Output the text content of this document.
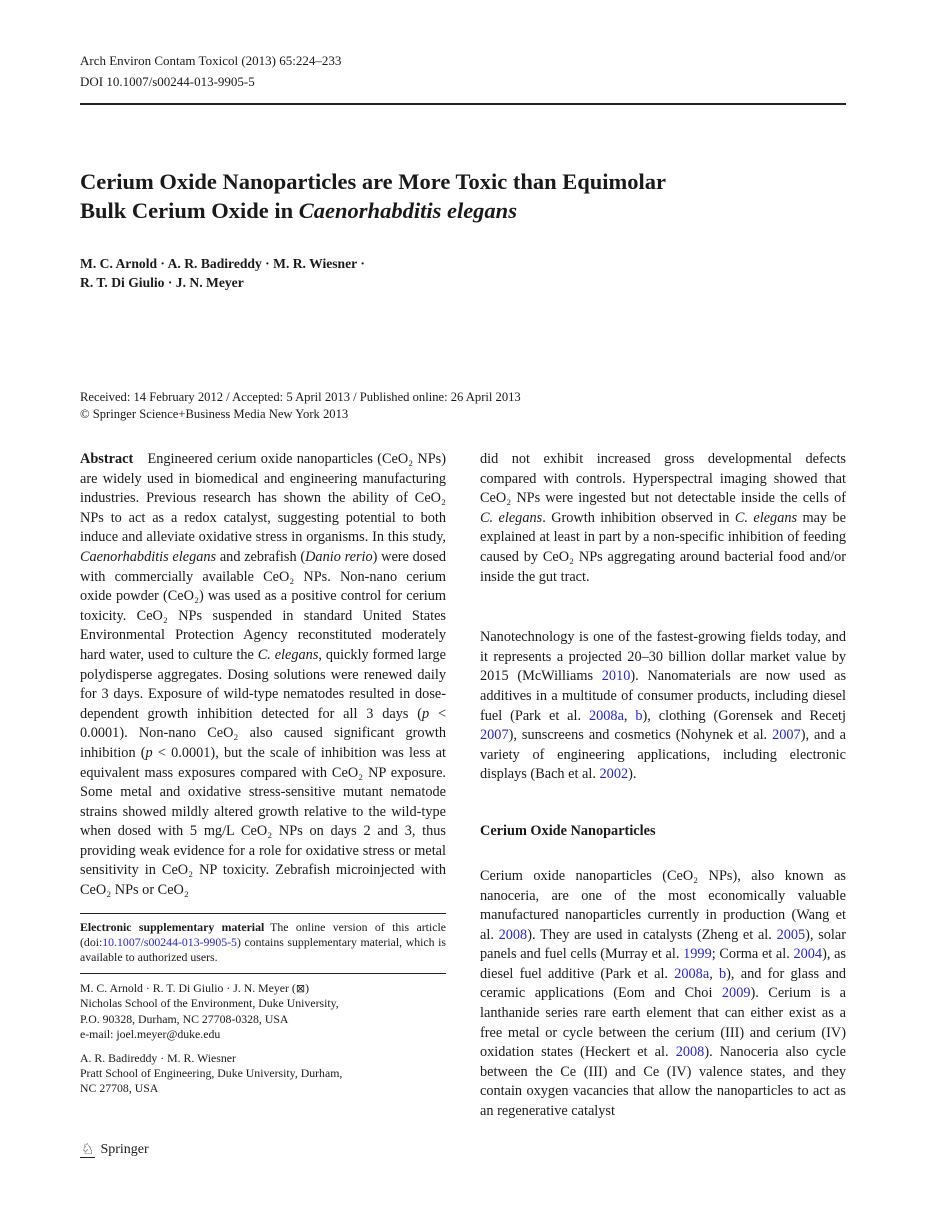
Arch Environ Contam Toxicol (2013) 65:224–233
DOI 10.1007/s00244-013-9905-5
Cerium Oxide Nanoparticles are More Toxic than Equimolar
Bulk Cerium Oxide in Caenorhabditis elegans
M. C. Arnold · A. R. Badireddy · M. R. Wiesner ·
R. T. Di Giulio · J. N. Meyer
Received: 14 February 2012 / Accepted: 5 April 2013 / Published online: 26 April 2013
© Springer Science+Business Media New York 2013

Abstract Engineered cerium oxide nanoparticles (CeO₂ NPs) are widely used in biomedical and engineering manufacturing industries. Previous research has shown the ability of CeO₂ NPs to act as a redox catalyst, suggesting potential to both induce and alleviate oxidative stress in organisms. In this study, Caenorhabditis elegans and zebrafish (Danio rerio) were dosed with commercially available CeO₂ NPs. Non-nano cerium oxide powder (CeO₂) was used as a positive control for cerium toxicity. CeO₂ NPs suspended in standard United States Environmental Protection Agency reconstituted moderately hard water, used to culture the C. elegans, quickly formed large polydisperse aggregates. Dosing solutions were renewed daily for 3 days. Exposure of wild-type nematodes resulted in dose-dependent growth inhibition detected for all 3 days (p < 0.0001). Non-nano CeO₂ also caused significant growth inhibition (p < 0.0001), but the scale of inhibition was less at equivalent mass exposures compared with CeO₂ NP exposure. Some metal and oxidative stress-sensitive mutant nematode strains showed mildly altered growth relative to the wild-type when dosed with 5 mg/L CeO₂ NPs on days 2 and 3, thus providing weak evidence for a role for oxidative stress or metal sensitivity in CeO₂ NP toxicity. Zebrafish microinjected with CeO₂ NPs or CeO₂

Electronic supplementary material The online version of this article (doi:10.1007/s00244-013-9905-5) contains supplementary material, which is available to authorized users.

M. C. Arnold · R. T. Di Giulio · J. N. Meyer (⊠)
Nicholas School of the Environment, Duke University,
P.O. 90328, Durham, NC 27708-0328, USA
e-mail: joel.meyer@duke.edu

A. R. Badireddy · M. R. Wiesner
Pratt School of Engineering, Duke University, Durham,
NC 27708, USA

did not exhibit increased gross developmental defects compared with controls. Hyperspectral imaging showed that CeO₂ NPs were ingested but not detectable inside the cells of C. elegans. Growth inhibition observed in C. elegans may be explained at least in part by a non-specific inhibition of feeding caused by CeO₂ NPs aggregating around bacterial food and/or inside the gut tract.

Nanotechnology is one of the fastest-growing fields today, and it represents a projected 20–30 billion dollar market value by 2015 (McWilliams 2010). Nanomaterials are now used as additives in a multitude of consumer products, including diesel fuel (Park et al. 2008a, b), clothing (Gorensek and Recetj 2007), sunscreens and cosmetics (Nohynek et al. 2007), and a variety of engineering applications, including electronic displays (Bach et al. 2002).

Cerium Oxide Nanoparticles

Cerium oxide nanoparticles (CeO₂ NPs), also known as nanoceria, are one of the most economically valuable manufactured nanoparticles currently in production (Wang et al. 2008). They are used in catalysts (Zheng et al. 2005), solar panels and fuel cells (Murray et al. 1999; Corma et al. 2004), as diesel fuel additive (Park et al. 2008a, b), and for glass and ceramic applications (Eom and Choi 2009). Cerium is a lanthanide series rare earth element that can either exist as a free metal or cycle between the cerium (III) and cerium (IV) oxidation states (Heckert et al. 2008). Nanoceria also cycle between the Ce (III) and Ce (IV) valence states, and they contain oxygen vacancies that allow the nanoparticles to act as an regenerative catalyst

♘ Springer
